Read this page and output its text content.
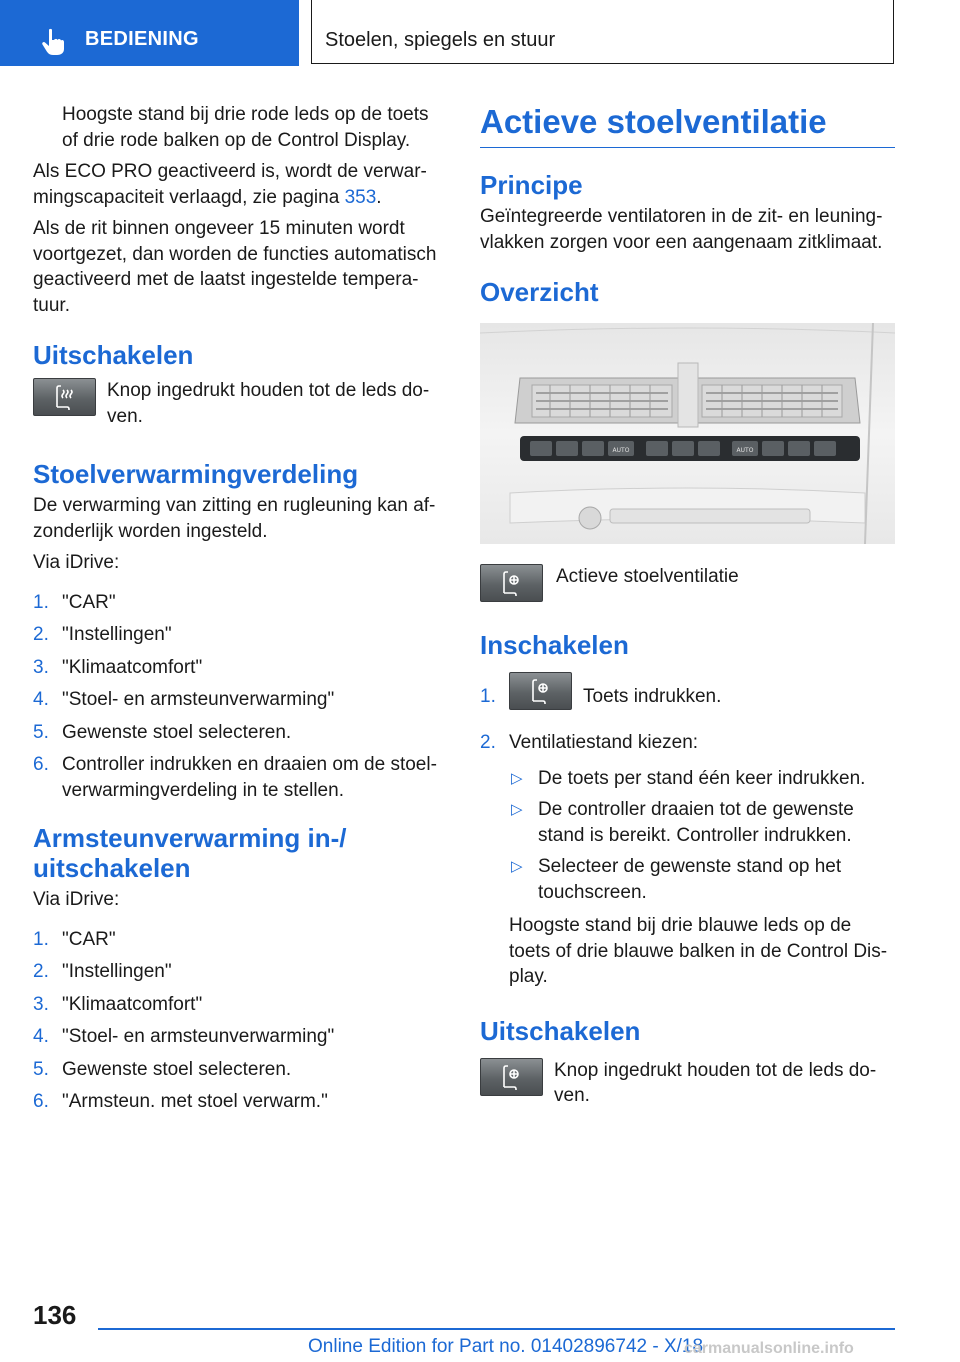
BEDIENING	Stoelen, spiegels en stuur

Hoogste stand bij drie rode leds op de toets of drie rode balken op de Control Display.

Als ECO PRO geactiveerd is, wordt de verwar-mingscapaciteit verlaagd, zie pagina 353.

Als de rit binnen ongeveer 15 minuten wordt voortgezet, dan worden de functies automatisch geactiveerd met de laatst ingestelde tempera-tuur.

Uitschakelen

Knop ingedrukt houden tot de leds do-ven.

Stoelverwarmingverdeling

De verwarming van zitting en rugleuning kan af-zonderlijk worden ingesteld.

Via iDrive:

1. "CAR"
2. "Instellingen"
3. "Klimaatcomfort"
4. "Stoel- en armsteunverwarming"
5. Gewenste stoel selecteren.
6. Controller indrukken en draaien om de stoel-verwarmingverdeling in te stellen.
Armsteunverwarming in-/ uitschakelen

Via iDrive:

1. "CAR"
2. "Instellingen"
3. "Klimaatcomfort"
4. "Stoel- en armsteunverwarming"
5. Gewenste stoel selecteren.
6. "Armsteun. met stoel verwarm."
Actieve stoelventilatie
Principe

Geïntegreerde ventilatoren in de zit- en leuning-vlakken zorgen voor een aangenaam zitklimaat.

Overzicht
AUTO	AUTO

Actieve stoelventilatie

Inschakelen
1.	Toets indrukken.
2. Ventilatiestand kiezen:

▷ De toets per stand één keer indrukken.
▷ De controller draaien tot de gewenste stand is bereikt. Controller indrukken.
▷ Selecteer de gewenste stand op het touchscreen.

Hoogste stand bij drie blauwe leds op de toets of drie blauwe balken in de Control Dis-play.

Uitschakelen

Knop ingedrukt houden tot de leds do-ven.

136
Online Edition for Part no. 01402896742 - X/18
carmanualsonline.info
